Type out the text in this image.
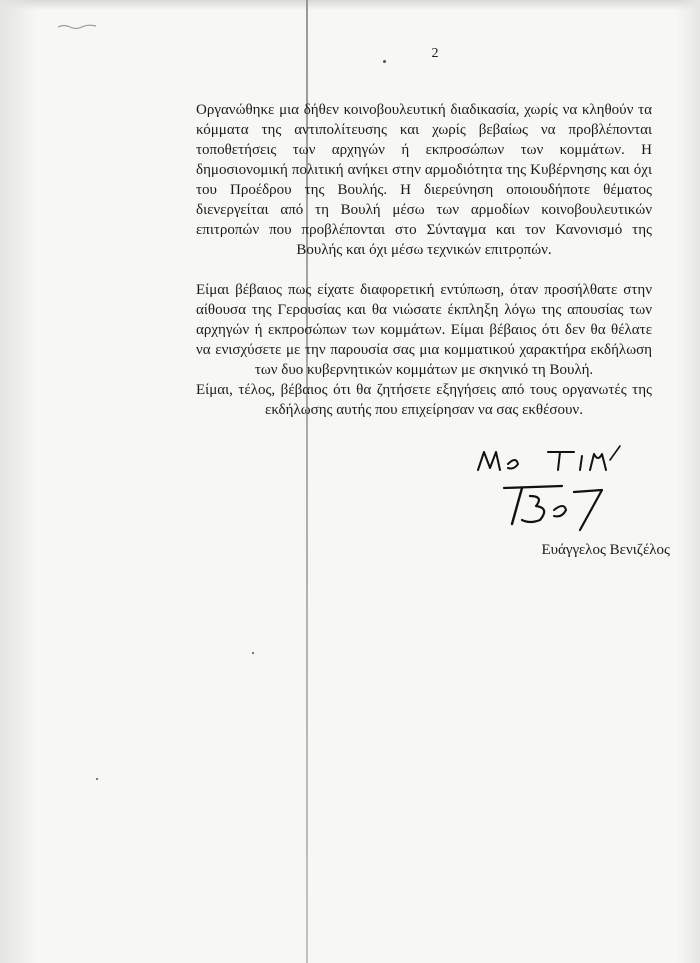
2

Οργανώθηκε μια δήθεν κοινοβουλευτική διαδικασία, χωρίς να κληθούν τα κόμματα της αντιπολίτευσης και χωρίς βεβαίως να προβλέπονται τοποθετήσεις των αρχηγών ή εκπροσώπων των κομμάτων. Η δημοσιονομική πολιτική ανήκει στην αρμοδιότητα της Κυβέρνησης και όχι του Προέδρου της Βουλής. Η διερεύνηση οποιουδήποτε θέματος διενεργείται από τη Βουλή μέσω των αρμοδίων κοινοβουλευτικών επιτροπών που προβλέπονται στο Σύνταγμα και τον Κανονισμό της Βουλής και όχι μέσω τεχνικών επιτροπών.

Είμαι βέβαιος πως είχατε διαφορετική εντύπωση, όταν προσήλθατε στην αίθουσα της Γερουσίας και θα νιώσατε έκπληξη λόγω της απουσίας των αρχηγών ή εκπροσώπων των κομμάτων. Είμαι βέβαιος ότι δεν θα θέλατε να ενισχύσετε με την παρουσία σας μια κομματικού χαρακτήρα εκδήλωση των δυο κυβερνητικών κομμάτων με σκηνικό τη Βουλή.

Είμαι, τέλος, βέβαιος ότι θα ζητήσετε εξηγήσεις από τους οργανωτές της εκδήλωσης αυτής που επιχείρησαν να σας εκθέσουν.

Ευάγγελος Βενιζέλος
